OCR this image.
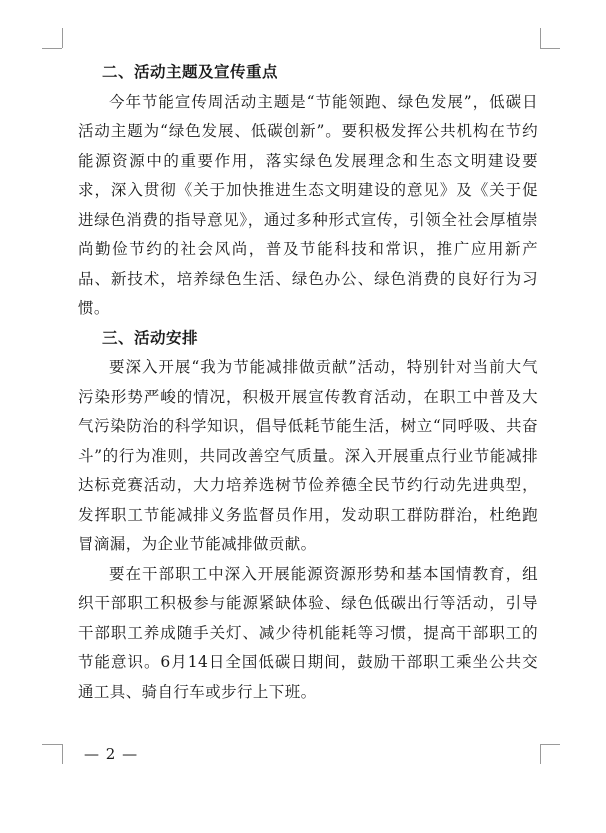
二、活动主题及宣传重点

今年节能宣传周活动主题是“节能领跑、绿色发展”，低碳日活动主题为“绿色发展、低碳创新”。要积极发挥公共机构在节约能源资源中的重要作用，落实绿色发展理念和生态文明建设要求，深入贯彻《关于加快推进生态文明建设的意见》及《关于促进绿色消费的指导意见》，通过多种形式宣传，引领全社会厚植崇尚勤俭节约的社会风尚，普及节能科技和常识，推广应用新产品、新技术，培养绿色生活、绿色办公、绿色消费的良好行为习惯。

三、活动安排

要深入开展“我为节能减排做贡献”活动，特别针对当前大气污染形势严峻的情况，积极开展宣传教育活动，在职工中普及大气污染防治的科学知识，倡导低耗节能生活，树立“同呼吸、共奋斗”的行为准则，共同改善空气质量。深入开展重点行业节能减排达标竞赛活动，大力培养选树节俭养德全民节约行动先进典型，发挥职工节能减排义务监督员作用，发动职工群防群治，杜绝跑冒滴漏，为企业节能减排做贡献。

要在干部职工中深入开展能源资源形势和基本国情教育，组织干部职工积极参与能源紧缺体验、绿色低碳出行等活动，引导干部职工养成随手关灯、减少待机能耗等习惯，提高干部职工的节能意识。6月14日全国低碳日期间，鼓励干部职工乘坐公共交通工具、骑自行车或步行上下班。

— 2 —
